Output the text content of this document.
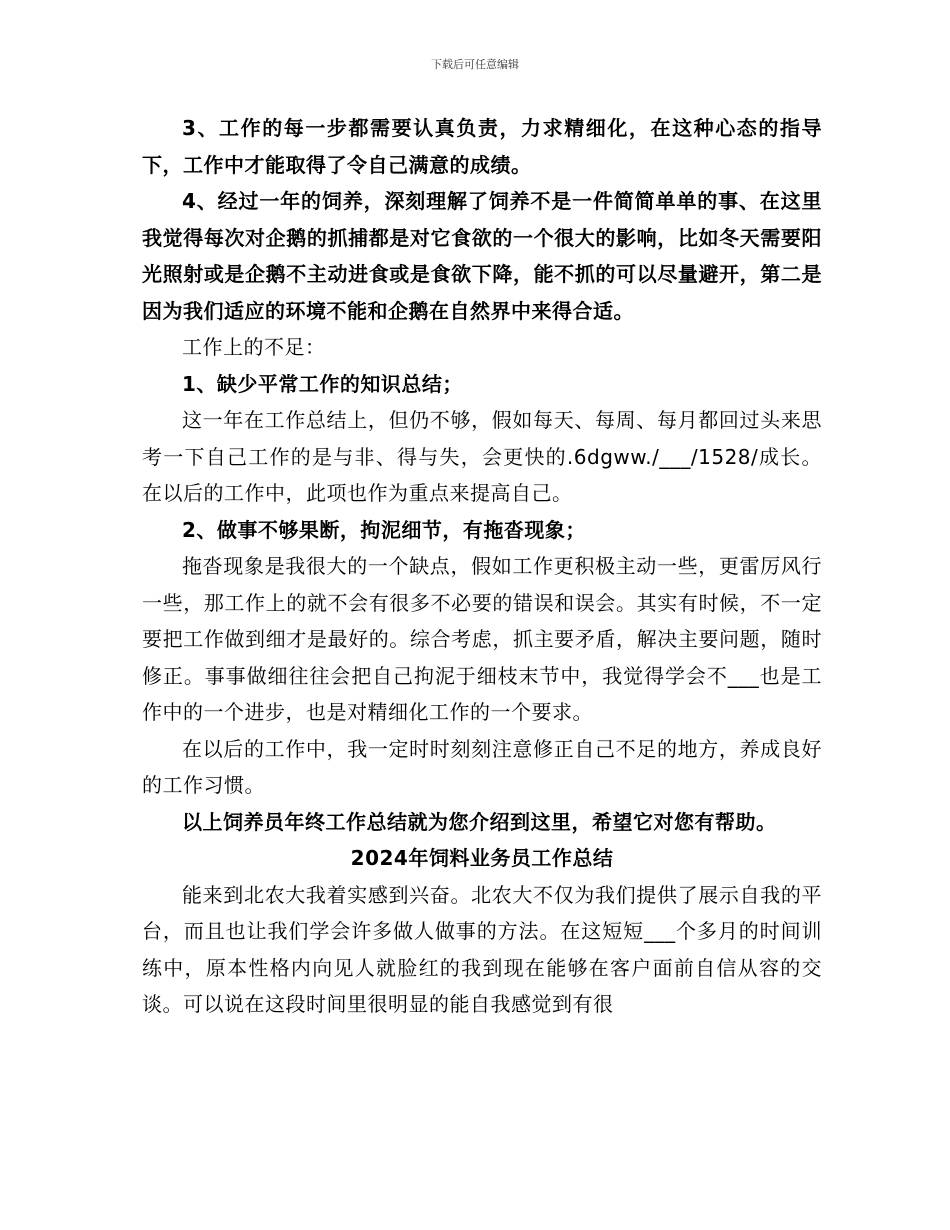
下载后可任意编辑

3、工作的每一步都需要认真负责，力求精细化，在这种心态的指导下，工作中才能取得了令自己满意的成绩。

4、经过一年的饲养，深刻理解了饲养不是一件简简单单的事、在这里我觉得每次对企鹅的抓捕都是对它食欲的一个很大的影响，比如冬天需要阳光照射或是企鹅不主动进食或是食欲下降，能不抓的可以尽量避开，第二是因为我们适应的环境不能和企鹅在自然界中来得合适。

工作上的不足：

1、缺少平常工作的知识总结；

这一年在工作总结上，但仍不够，假如每天、每周、每月都回过头来思考一下自己工作的是与非、得与失，会更快的.6dgww./___/1528/成长。在以后的工作中，此项也作为重点来提高自己。

2、做事不够果断，拘泥细节，有拖沓现象；

拖沓现象是我很大的一个缺点，假如工作更积极主动一些，更雷厉风行一些，那工作上的就不会有很多不必要的错误和误会。其实有时候，不一定要把工作做到细才是最好的。综合考虑，抓主要矛盾，解决主要问题，随时修正。事事做细往往会把自己拘泥于细枝末节中，我觉得学会不___也是工作中的一个进步，也是对精细化工作的一个要求。

在以后的工作中，我一定时时刻刻注意修正自己不足的地方，养成良好的工作习惯。

以上饲养员年终工作总结就为您介绍到这里，希望它对您有帮助。

2024年饲料业务员工作总结

能来到北农大我着实感到兴奋。北农大不仅为我们提供了展示自我的平台，而且也让我们学会许多做人做事的方法。在这短短___个多月的时间训练中，原本性格内向见人就脸红的我到现在能够在客户面前自信从容的交谈。可以说在这段时间里很明显的能自我感觉到有很
